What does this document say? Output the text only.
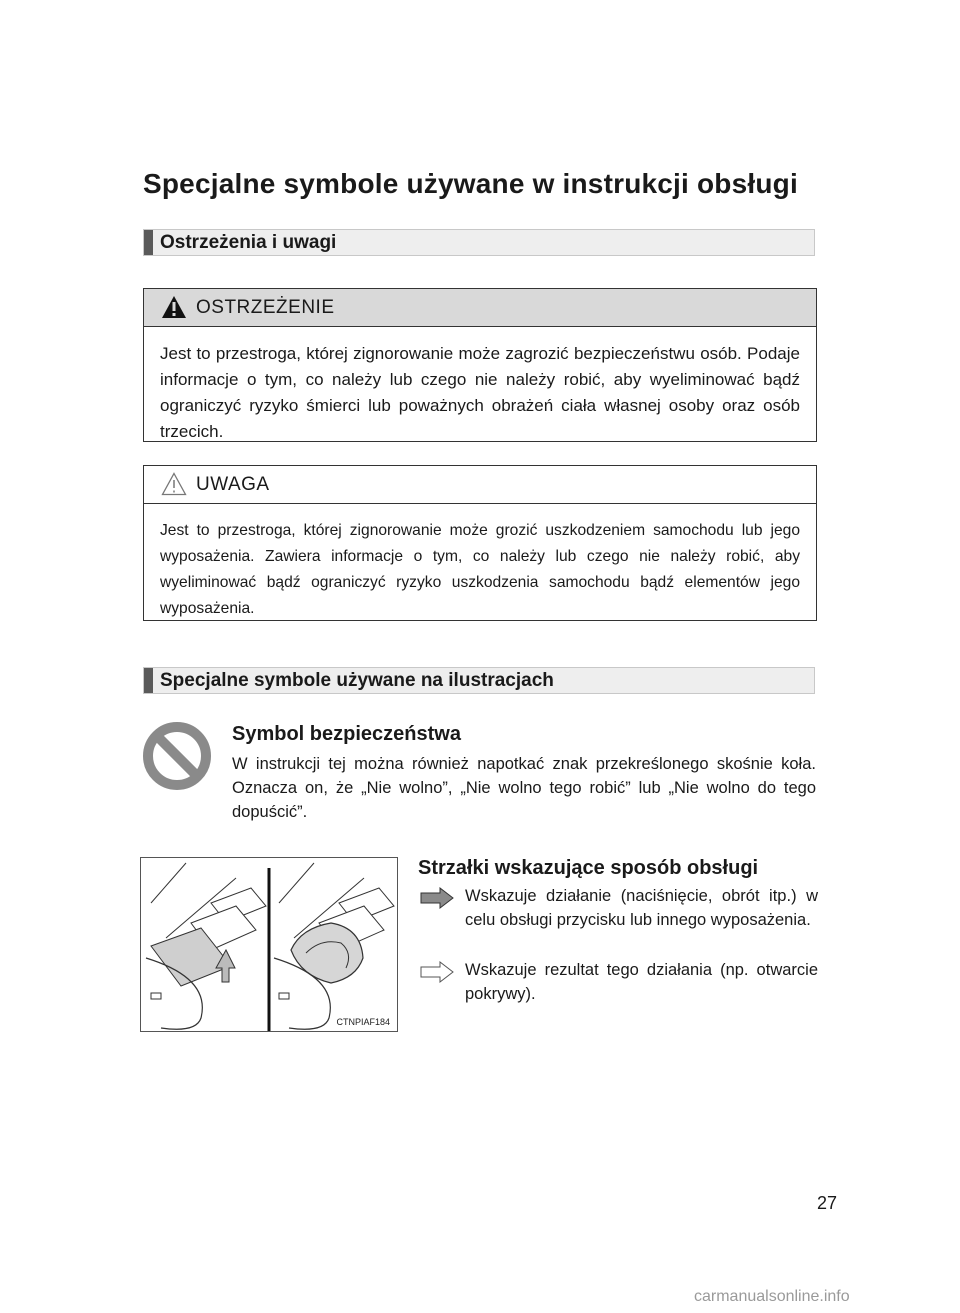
Specjalne symbole używane w instrukcji obsługi
Ostrzeżenia i uwagi
OSTRZEŻENIE
Jest to przestroga, której zignorowanie może zagrozić bezpieczeństwu osób. Podaje informacje o tym, co należy lub czego nie należy robić, aby wyeliminować bądź ograniczyć ryzyko śmierci lub poważnych obrażeń ciała własnej osoby oraz osób trzecich.
UWAGA
Jest to przestroga, której zignorowanie może grozić uszkodzeniem samochodu lub jego wyposażenia. Zawiera informacje o tym, co należy lub czego nie należy robić, aby wyeliminować bądź ograniczyć ryzyko uszkodzenia samochodu bądź elementów jego wyposażenia.
Specjalne symbole używane na ilustracjach
Symbol bezpieczeństwa
W instrukcji tej można również napotkać znak przekreślonego skośnie koła. Oznacza on, że „Nie wolno”, „Nie wolno tego robić” lub „Nie wolno do tego dopuścić”.
CTNPIAF184
Strzałki wskazujące sposób obsługi
Wskazuje działanie (naciśnięcie, obrót itp.) w celu obsługi przycisku lub innego wyposażenia.
Wskazuje rezultat tego działania (np. otwarcie pokrywy).
27
carmanualsonline.info
